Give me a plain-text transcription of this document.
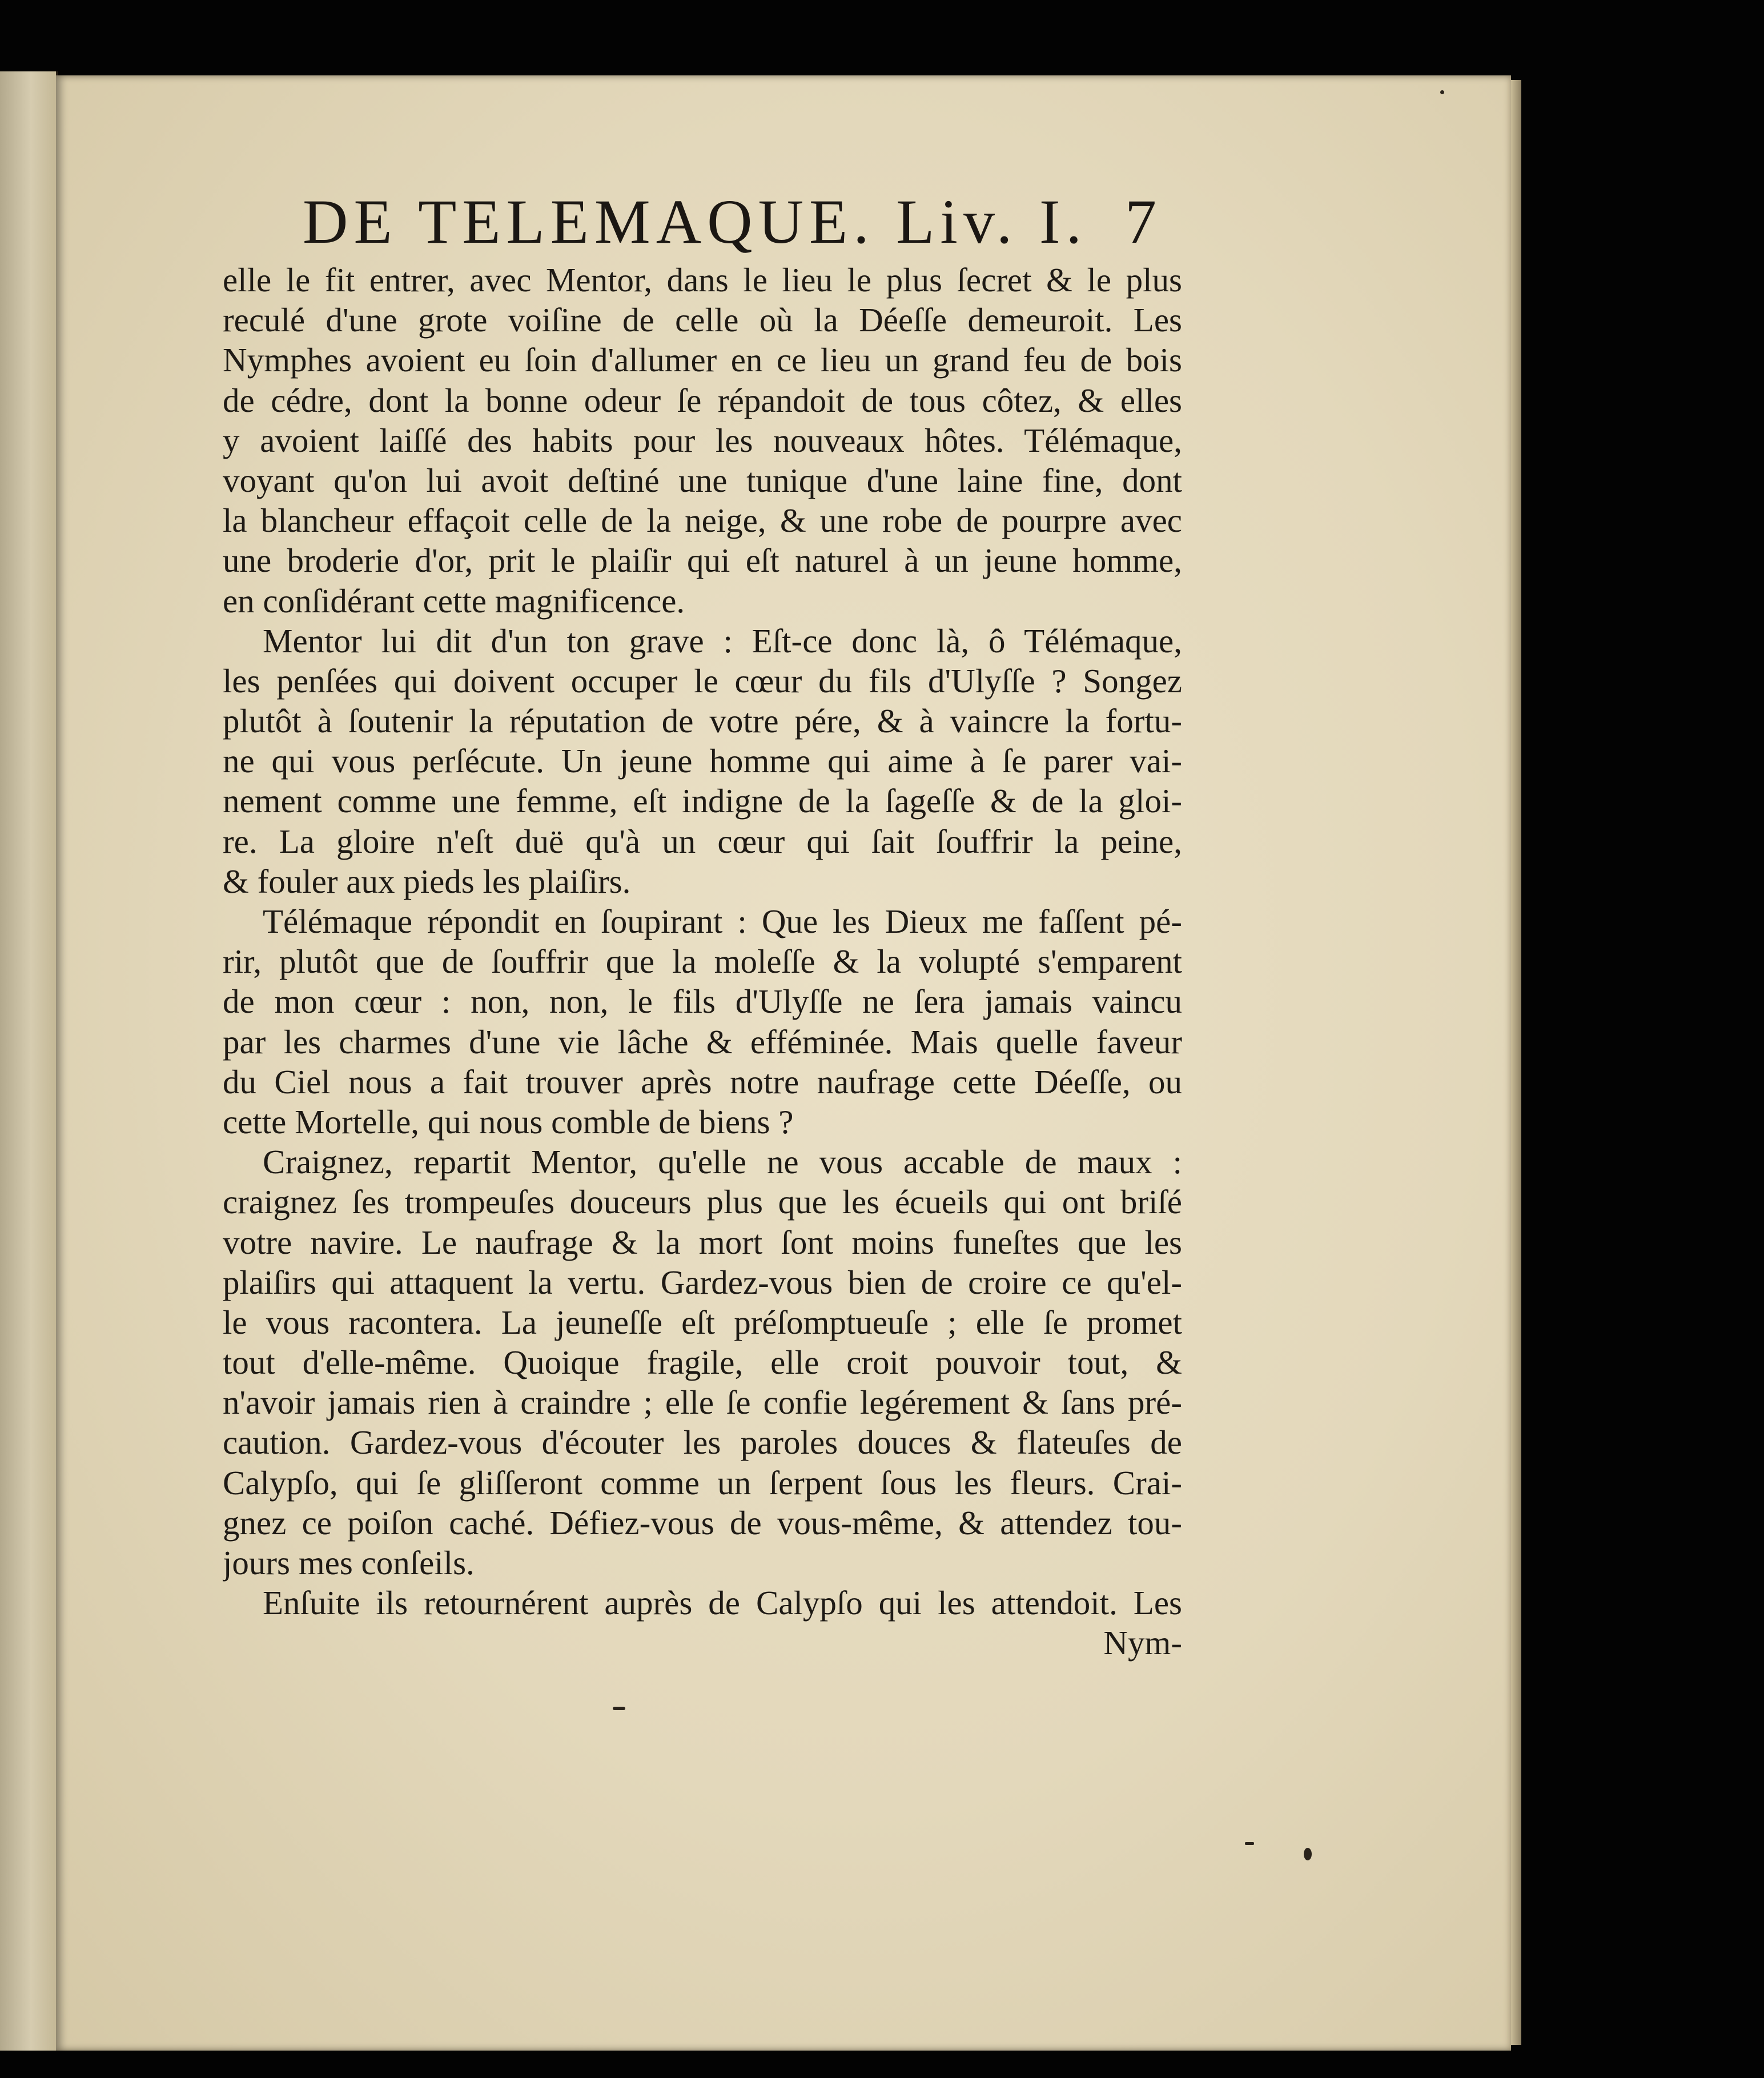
DE TELEMAQUE. Liv. I. 7
elle le fit entrer, avec Mentor, dans le lieu le plus ſecret & le plus
reculé d'une grote voiſine de celle où la Déeſſe demeuroit. Les
Nymphes avoient eu ſoin d'allumer en ce lieu un grand feu de bois
de cédre, dont la bonne odeur ſe répandoit de tous côtez, & elles
y avoient laiſſé des habits pour les nouveaux hôtes. Télémaque,
voyant qu'on lui avoit deſtiné une tunique d'une laine fine, dont
la blancheur effaçoit celle de la neige, & une robe de pourpre avec
une broderie d'or, prit le plaiſir qui eſt naturel à un jeune homme,
en conſidérant cette magnificence.
Mentor lui dit d'un ton grave : Eſt-ce donc là, ô Télémaque,
les penſées qui doivent occuper le cœur du fils d'Ulyſſe ? Songez
plutôt à ſoutenir la réputation de votre pére, & à vaincre la fortu-
ne qui vous perſécute. Un jeune homme qui aime à ſe parer vai-
nement comme une femme, eſt indigne de la ſageſſe & de la gloi-
re. La gloire n'eſt duë qu'à un cœur qui ſait ſouffrir la peine,
& fouler aux pieds les plaiſirs.
Télémaque répondit en ſoupirant : Que les Dieux me faſſent pé-
rir, plutôt que de ſouffrir que la moleſſe & la volupté s'emparent
de mon cœur : non, non, le fils d'Ulyſſe ne ſera jamais vaincu
par les charmes d'une vie lâche & efféminée. Mais quelle faveur
du Ciel nous a fait trouver après notre naufrage cette Déeſſe, ou
cette Mortelle, qui nous comble de biens ?
Craignez, repartit Mentor, qu'elle ne vous accable de maux :
craignez ſes trompeuſes douceurs plus que les écueils qui ont briſé
votre navire. Le naufrage & la mort ſont moins funeſtes que les
plaiſirs qui attaquent la vertu. Gardez-vous bien de croire ce qu'el-
le vous racontera. La jeuneſſe eſt préſomptueuſe ; elle ſe promet
tout d'elle-même. Quoique fragile, elle croit pouvoir tout, &
n'avoir jamais rien à craindre ; elle ſe confie legérement & ſans pré-
caution. Gardez-vous d'écouter les paroles douces & flateuſes de
Calypſo, qui ſe gliſſeront comme un ſerpent ſous les fleurs. Crai-
gnez ce poiſon caché. Défiez-vous de vous-même, & attendez tou-
jours mes conſeils.
Enſuite ils retournérent auprès de Calypſo qui les attendoit. Les
Nym-
